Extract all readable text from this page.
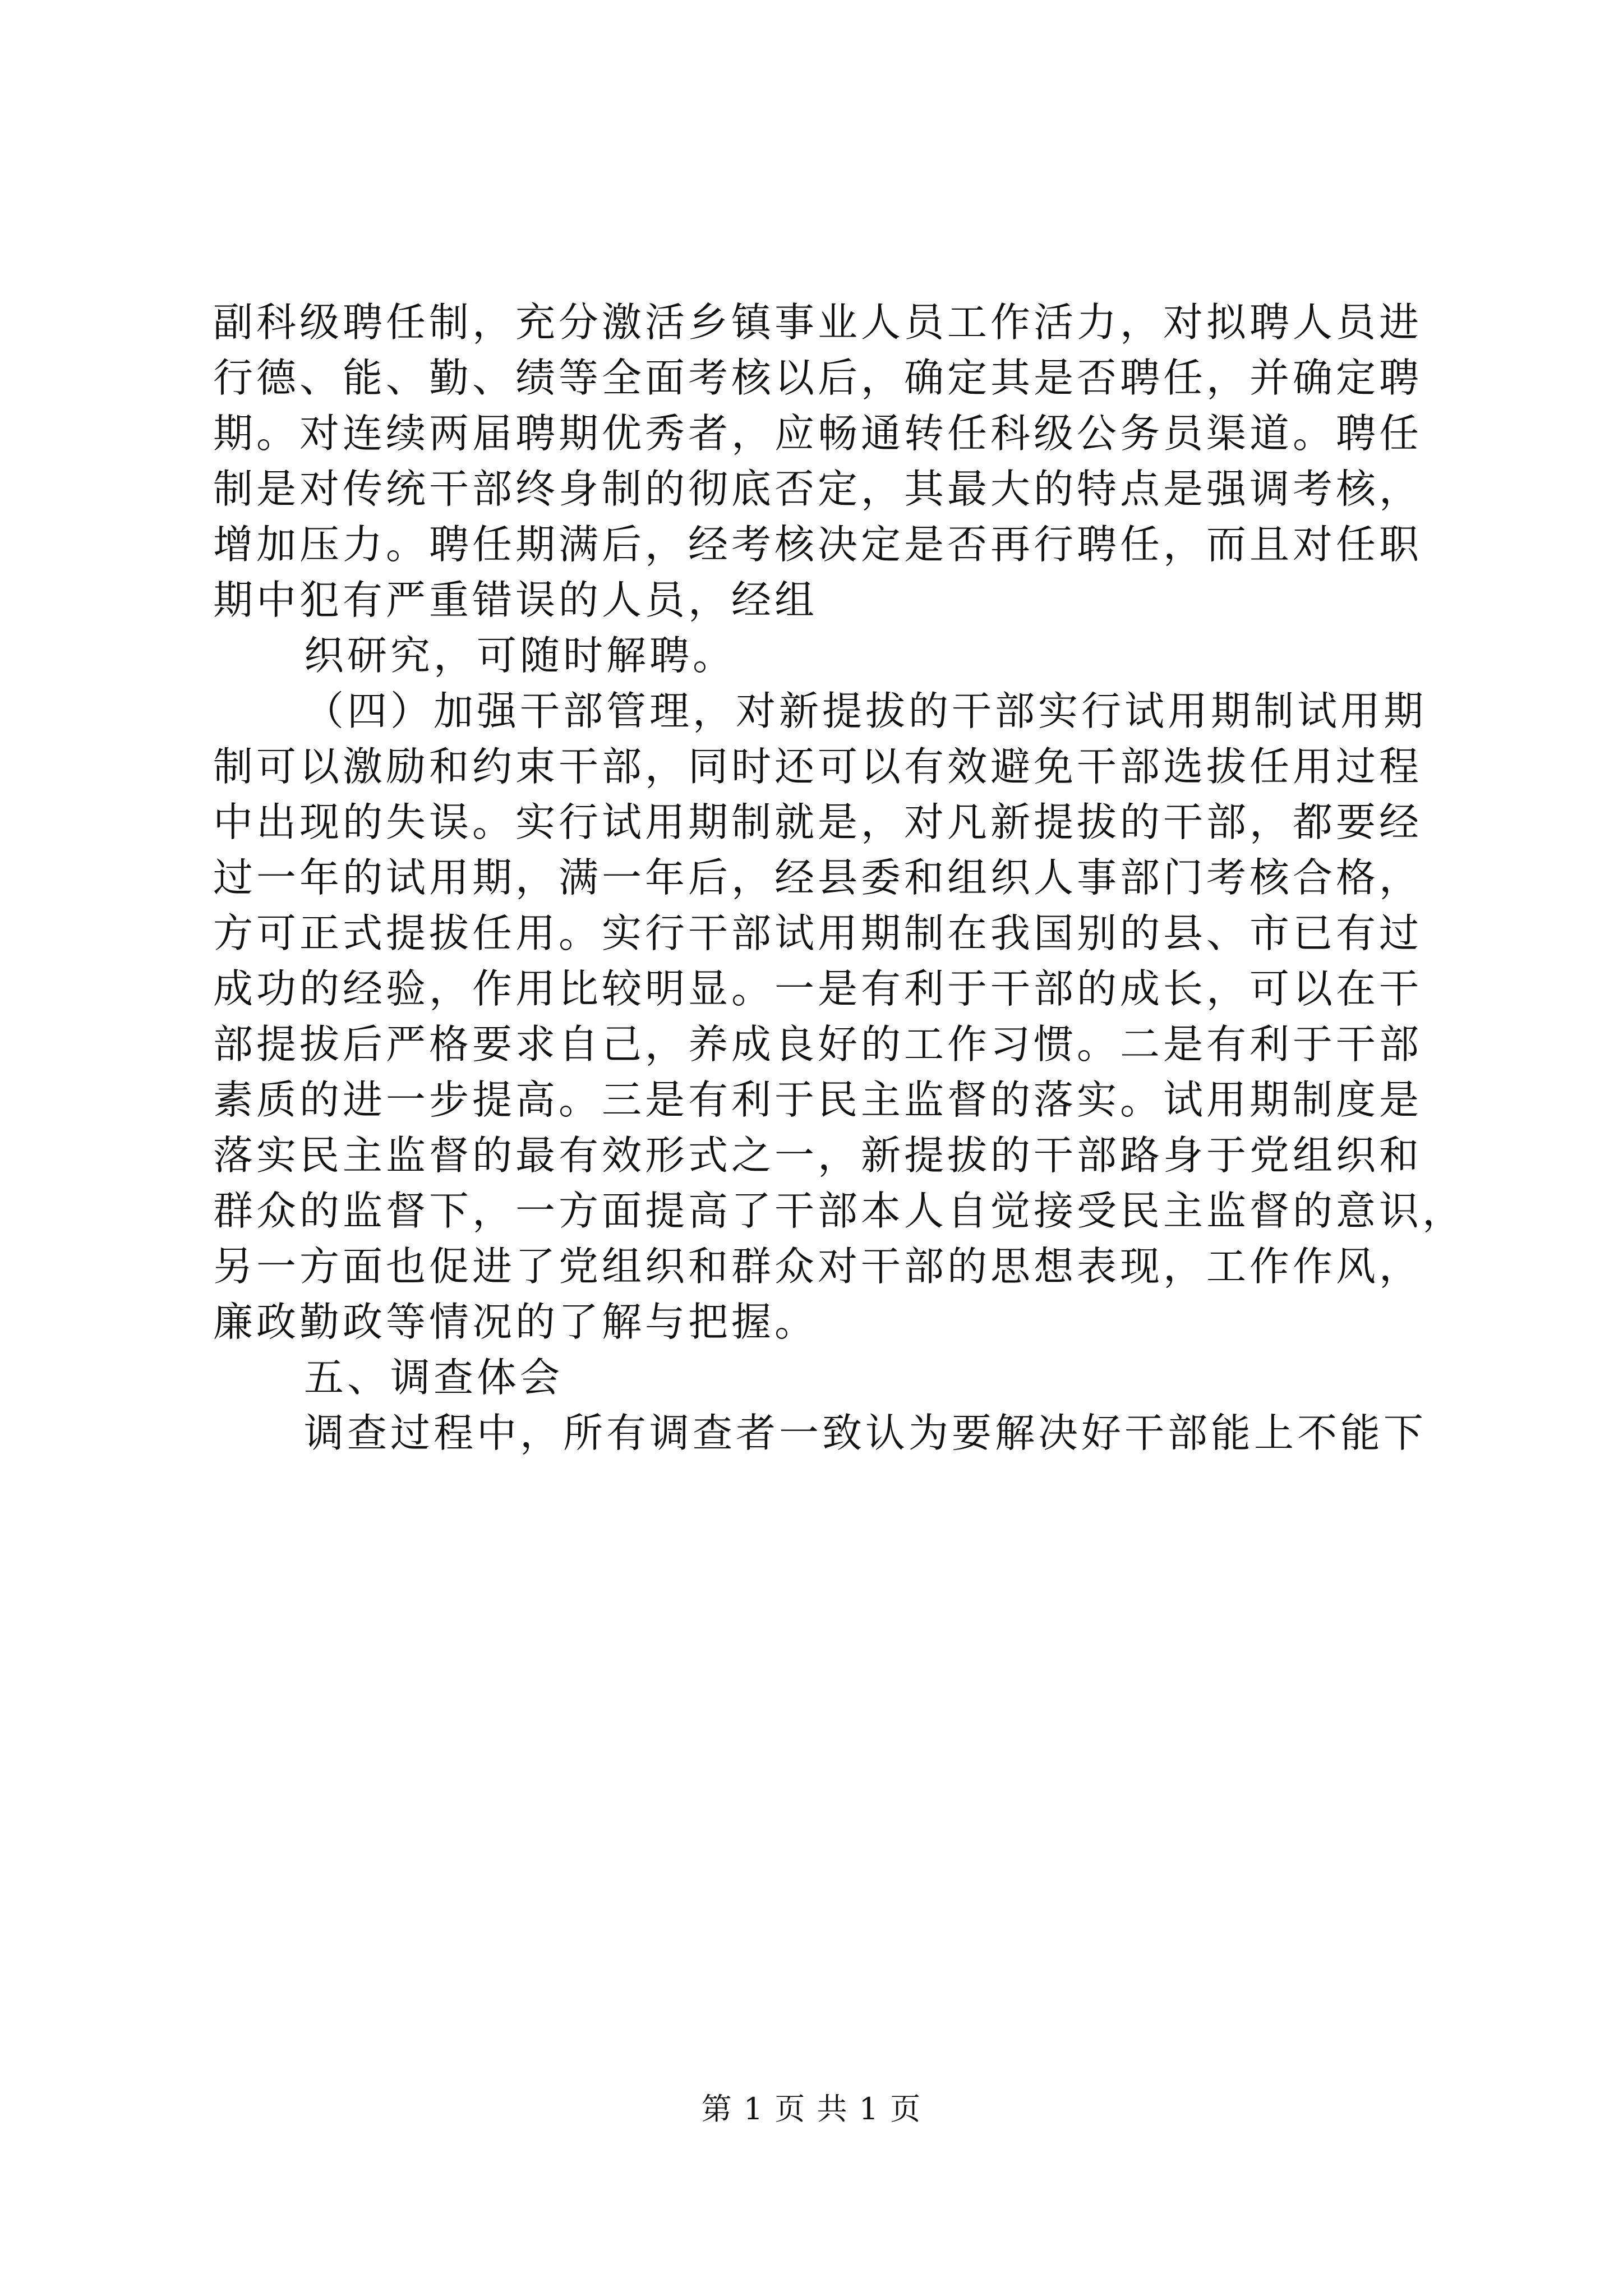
副科级聘任制，充分激活乡镇事业人员工作活力，对拟聘人员进
行德、能、勤、绩等全面考核以后，确定其是否聘任，并确定聘
期。对连续两届聘期优秀者，应畅通转任科级公务员渠道。聘任
制是对传统干部终身制的彻底否定，其最大的特点是强调考核，
增加压力。聘任期满后，经考核决定是否再行聘任，而且对任职
期中犯有严重错误的人员，经组
织研究，可随时解聘。
（四）加强干部管理，对新提拔的干部实行试用期制试用期
制可以激励和约束干部，同时还可以有效避免干部选拔任用过程
中出现的失误。实行试用期制就是，对凡新提拔的干部，都要经
过一年的试用期，满一年后，经县委和组织人事部门考核合格，
方可正式提拔任用。实行干部试用期制在我国别的县、市已有过
成功的经验，作用比较明显。一是有利于干部的成长，可以在干
部提拔后严格要求自己，养成良好的工作习惯。二是有利于干部
素质的进一步提高。三是有利于民主监督的落实。试用期制度是
落实民主监督的最有效形式之一，新提拔的干部路身于党组织和
群众的监督下，一方面提高了干部本人自觉接受民主监督的意识，
另一方面也促进了党组织和群众对干部的思想表现，工作作风，
廉政勤政等情况的了解与把握。
五、调查体会
调查过程中，所有调查者一致认为要解决好干部能上不能下
第 1 页 共 1 页
